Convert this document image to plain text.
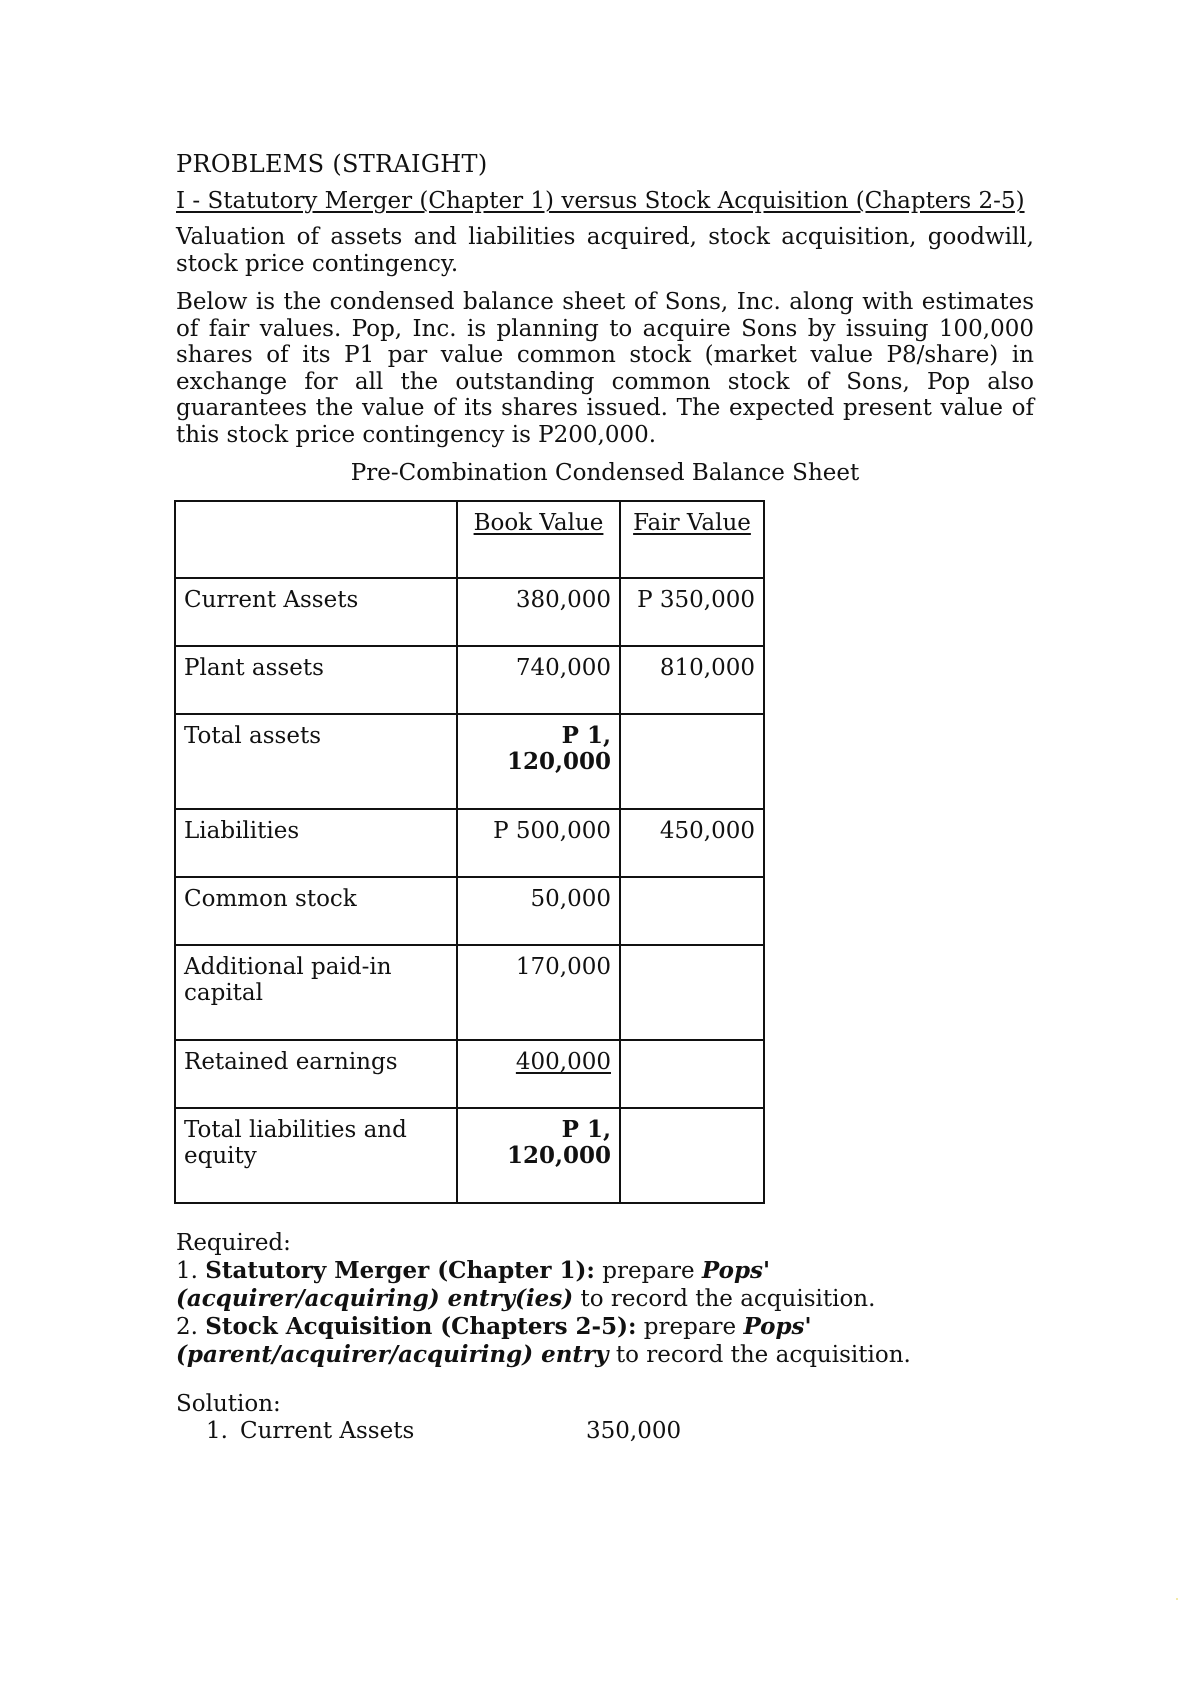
PROBLEMS (STRAIGHT)

I - Statutory Merger (Chapter 1) versus Stock Acquisition (Chapters 2-5)

Valuation of assets and liabilities acquired, stock acquisition, goodwill, stock price contingency.

Below is the condensed balance sheet of Sons, Inc. along with estimates of fair values. Pop, Inc. is planning to acquire Sons by issuing 100,000 shares of its P1 par value common stock (market value P8/share) in exchange for all the outstanding common stock of Sons, Pop also guarantees the value of its shares issued. The expected present value of this stock price contingency is P200,000.

Pre-Combination Condensed Balance Sheet

	Book Value	Fair Value
Current Assets	380,000	P 350,000
Plant assets	740,000	810,000
Total assets	P 1, 120,000	
Liabilities	P 500,000	450,000
Common stock	50,000	
Additional paid-in capital	170,000	
Retained earnings	400,000	
Total liabilities and equity	P 1, 120,000	
Required:
1. Statutory Merger (Chapter 1): prepare Pops'
(acquirer/acquiring) entry(ies) to record the acquisition.
2. Stock Acquisition (Chapters 2-5): prepare Pops'
(parent/acquirer/acquiring) entry to record the acquisition.
Solution:
1. Current Assets	350,000
